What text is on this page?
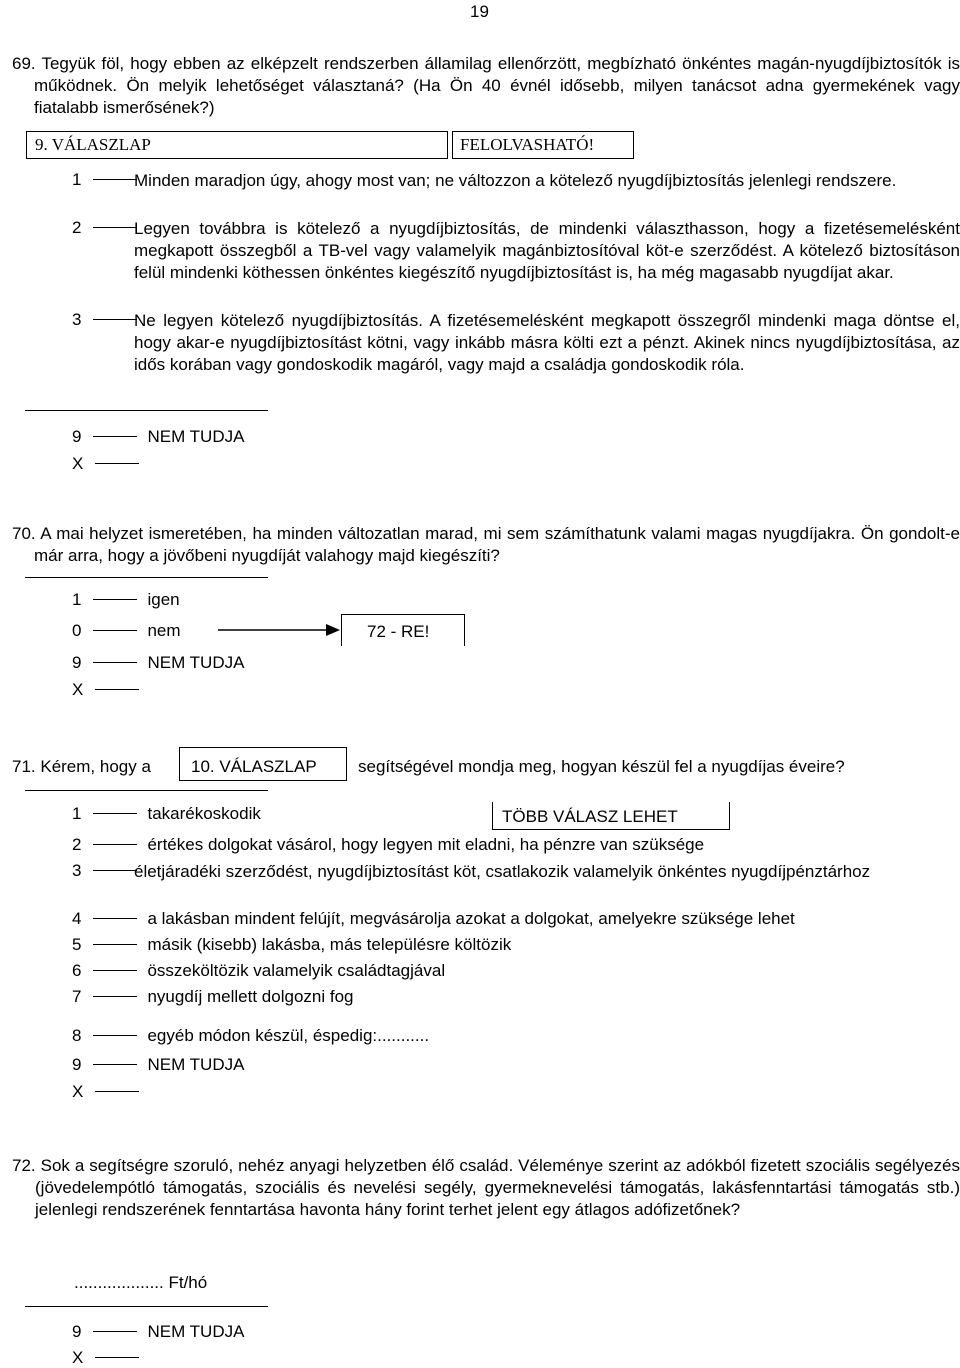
19
69. Tegyük föl, hogy ebben az elképzelt rendszerben államilag ellenőrzött, megbízható önkéntes magán-nyugdíjbiztosítók is működnek. Ön melyik lehetőséget választaná? (Ha Ön 40 évnél idősebb, milyen tanácsot adna gyermekének vagy fiatalabb ismerősének?)
9. VÁLASZLAP	FELOLVASHATÓ!
1	Minden maradjon úgy, ahogy most van; ne változzon a kötelező nyugdíjbiztosítás jelenlegi rendszere.
2	Legyen továbbra is kötelező a nyugdíjbiztosítás, de mindenki választhasson, hogy a fizetésemelésként megkapott összegből a TB-vel vagy valamelyik magánbiztosítóval köt-e szerződést. A kötelező biztosításon felül mindenki köthessen önkéntes kiegészítő nyugdíjbiztosítást is, ha még magasabb nyugdíjat akar.
3	Ne legyen kötelező nyugdíjbiztosítás. A fizetésemelésként megkapott összegről mindenki maga döntse el, hogy akar-e nyugdíjbiztosítást kötni, vagy inkább másra költi ezt a pénzt. Akinek nincs nyugdíjbiztosítása, az idős korában vagy gondoskodik magáról, vagy majd a családja gondoskodik róla.
9	NEM TUDJA
X
70. A mai helyzet ismeretében, ha minden változatlan marad, mi sem számíthatunk valami magas nyugdíjakra. Ön gondolt-e már arra, hogy a jövőbeni nyugdíját valahogy majd kiegészíti?
1	igen
0	nem	72 - RE!
9	NEM TUDJA
X
71. Kérem, hogy a 10. VÁLASZLAP segítségével mondja meg, hogyan készül fel a nyugdíjas éveire?
TÖBB VÁLASZ LEHET
1	takarékoskodik
2	értékes dolgokat vásárol, hogy legyen mit eladni, ha pénzre van szüksége
3	életjáradéki szerződést, nyugdíjbiztosítást köt, csatlakozik valamelyik önkéntes nyugdíjpénztárhoz
4	a lakásban mindent felújít, megvásárolja azokat a dolgokat, amelyekre szüksége lehet
5	másik (kisebb) lakásba, más településre költözik
6	összeköltözik valamelyik családtagjával
7	nyugdíj mellett dolgozni fog
8	egyéb módon készül, éspedig:...........
9	NEM TUDJA
X
72. Sok a segítségre szoruló, nehéz anyagi helyzetben élő család. Véleménye szerint az adókból fizetett szociális segélyezés (jövedelempótló támogatás, szociális és nevelési segély, gyermeknevelési támogatás, lakásfenntartási támogatás stb.) jelenlegi rendszerének fenntartása havonta hány forint terhet jelent egy átlagos adófizetőnek?
................... Ft/hó
9	NEM TUDJA
X
